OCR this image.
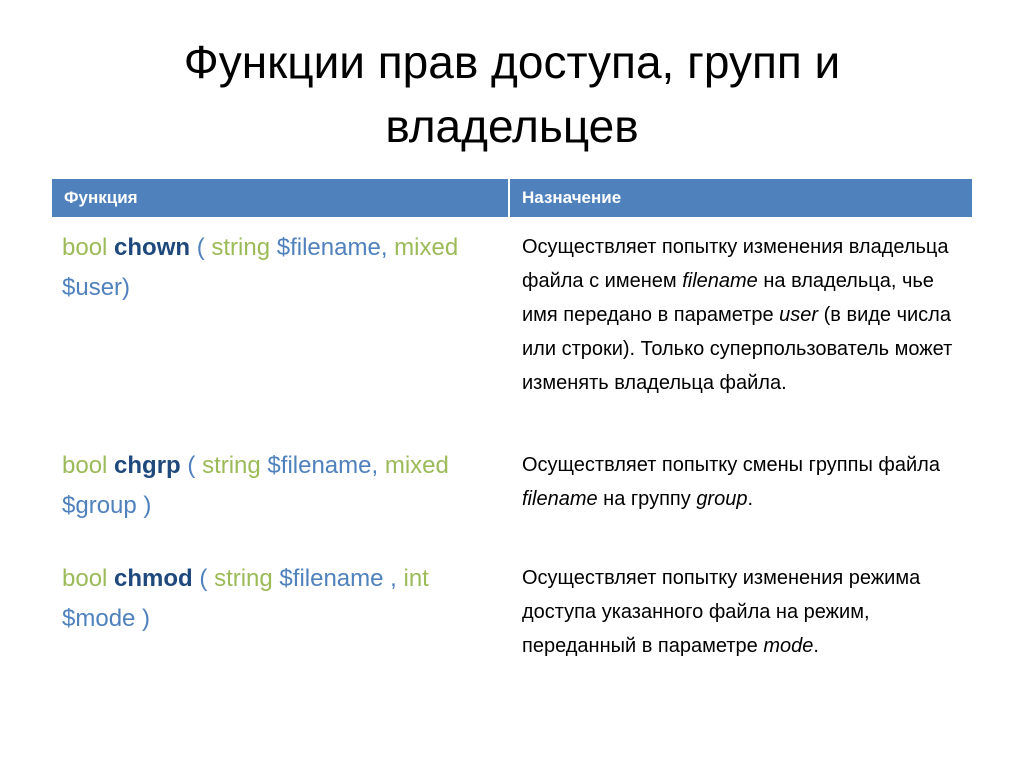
Функции прав доступа, групп и
владельцев
Функция	Назначение
bool chown ( string $filename, mixed $user)
Осуществляет попытку изменения владельца файла с именем filename на владельца, чье имя передано в параметре user (в виде числа или строки). Только суперпользователь может изменять владельца файла.
bool chgrp ( string $filename, mixed $group )
Осуществляет попытку смены группы файла filename на группу group.
bool chmod ( string $filename , int $mode )
Осуществляет попытку изменения режима доступа указанного файла на режим, переданный в параметре mode.
